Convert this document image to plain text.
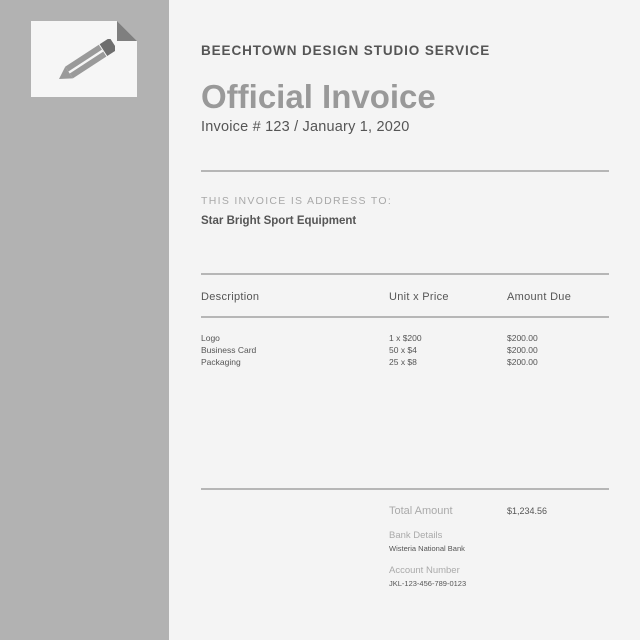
BEECHTOWN DESIGN STUDIO SERVICE
Official Invoice
Invoice # 123 / January 1, 2020
THIS INVOICE IS ADDRESS TO:
Star Bright Sport Equipment
Description	Unit x Price	Amount Due
Logo	1 x $200	$200.00
Business Card	50 x $4	$200.00
Packaging	25 x $8	$200.00
Total Amount	$1,234.56
Bank Details
Wisteria National Bank
Account Number
JKL-123-456-789-0123
